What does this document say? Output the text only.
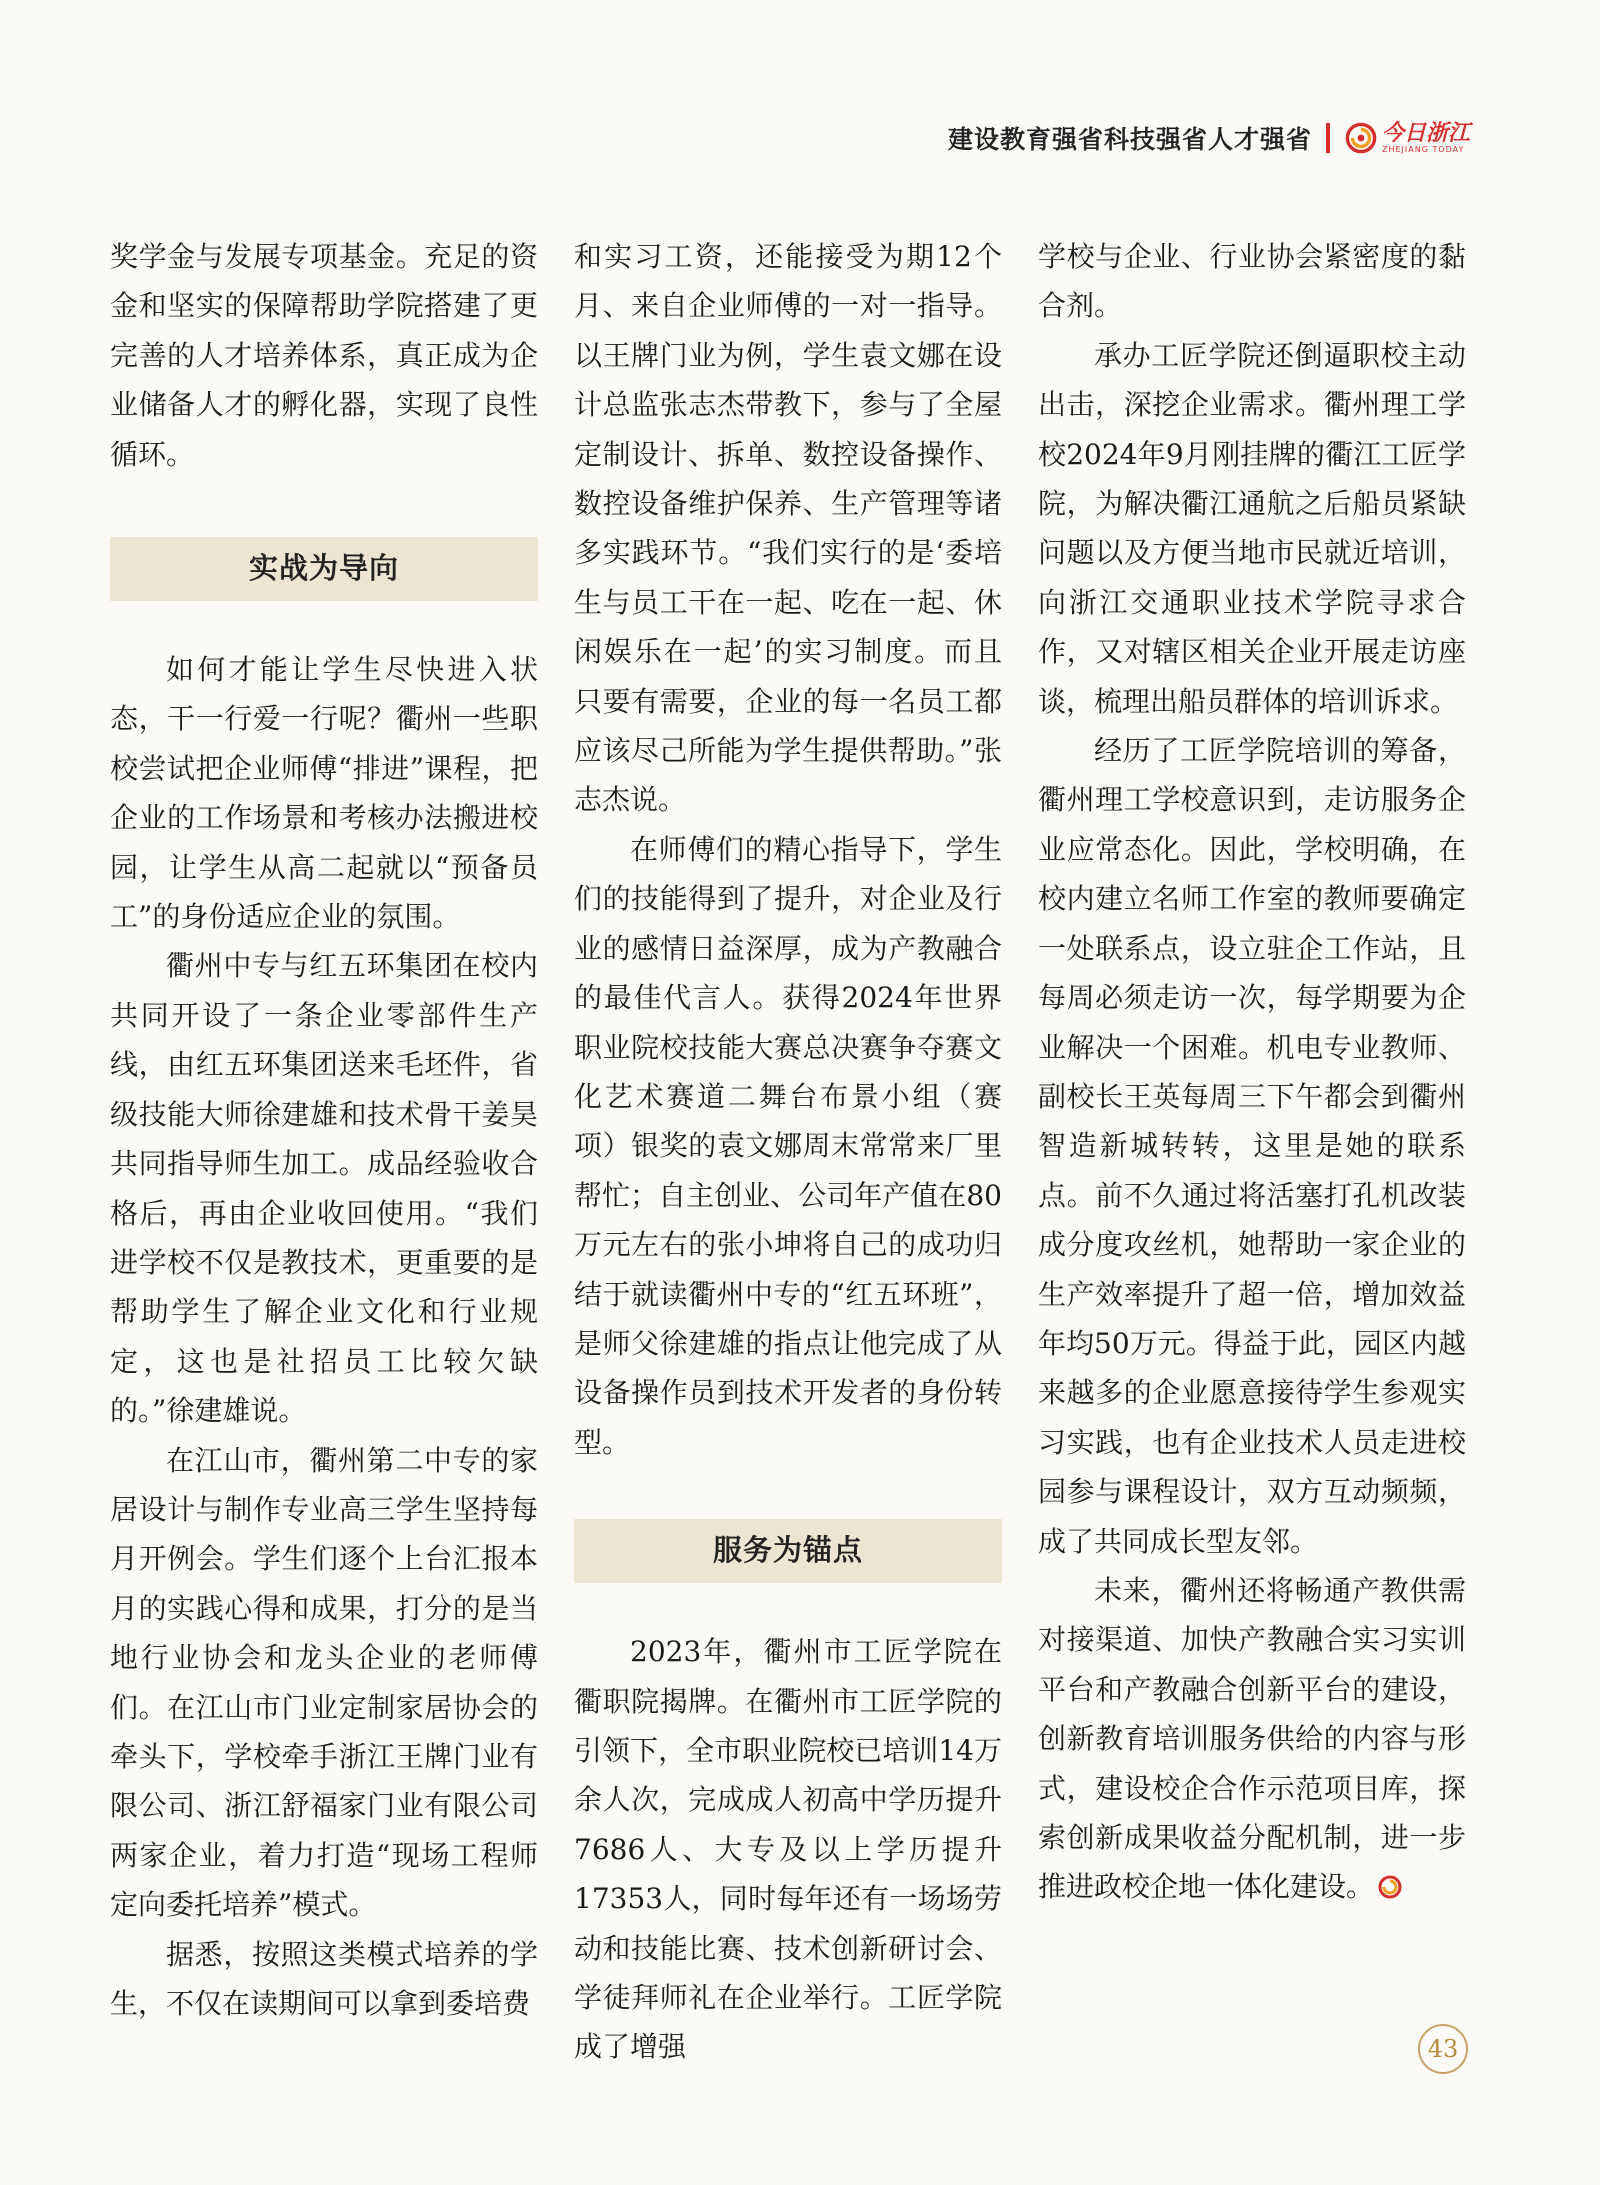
建设教育强省科技强省人才强省	今日浙江
ZHEJIANG TODAY

奖学金与发展专项基金。充足的资金和坚实的保障帮助学院搭建了更完善的人才培养体系，真正成为企业储备人才的孵化器，实现了良性循环。

实战为导向

如何才能让学生尽快进入状态，干一行爱一行呢？衢州一些职校尝试把企业师傅“排进”课程，把企业的工作场景和考核办法搬进校园，让学生从高二起就以“预备员工”的身份适应企业的氛围。

衢州中专与红五环集团在校内共同开设了一条企业零部件生产线，由红五环集团送来毛坯件，省级技能大师徐建雄和技术骨干姜昊共同指导师生加工。成品经验收合格后，再由企业收回使用。“我们进学校不仅是教技术，更重要的是帮助学生了解企业文化和行业规定，这也是社招员工比较欠缺的。”徐建雄说。

在江山市，衢州第二中专的家居设计与制作专业高三学生坚持每月开例会。学生们逐个上台汇报本月的实践心得和成果，打分的是当地行业协会和龙头企业的老师傅们。在江山市门业定制家居协会的牵头下，学校牵手浙江王牌门业有限公司、浙江舒福家门业有限公司两家企业，着力打造“现场工程师定向委托培养”模式。

据悉，按照这类模式培养的学生，不仅在读期间可以拿到委培费

和实习工资，还能接受为期12个月、来自企业师傅的一对一指导。以王牌门业为例，学生袁文娜在设计总监张志杰带教下，参与了全屋定制设计、拆单、数控设备操作、数控设备维护保养、生产管理等诸多实践环节。“我们实行的是‘委培生与员工干在一起、吃在一起、休闲娱乐在一起’的实习制度。而且只要有需要，企业的每一名员工都应该尽己所能为学生提供帮助。”张志杰说。

在师傅们的精心指导下，学生们的技能得到了提升，对企业及行业的感情日益深厚，成为产教融合的最佳代言人。获得2024年世界职业院校技能大赛总决赛争夺赛文化艺术赛道二舞台布景小组（赛项）银奖的袁文娜周末常常来厂里帮忙；自主创业、公司年产值在80万元左右的张小坤将自己的成功归结于就读衢州中专的“红五环班”，是师父徐建雄的指点让他完成了从设备操作员到技术开发者的身份转型。

服务为锚点

2023年，衢州市工匠学院在衢职院揭牌。在衢州市工匠学院的引领下，全市职业院校已培训14万余人次，完成成人初高中学历提升7686人、大专及以上学历提升17353人，同时每年还有一场场劳动和技能比赛、技术创新研讨会、学徒拜师礼在企业举行。工匠学院成了增强

学校与企业、行业协会紧密度的黏合剂。

承办工匠学院还倒逼职校主动出击，深挖企业需求。衢州理工学校2024年9月刚挂牌的衢江工匠学院，为解决衢江通航之后船员紧缺问题以及方便当地市民就近培训，向浙江交通职业技术学院寻求合作，又对辖区相关企业开展走访座谈，梳理出船员群体的培训诉求。

经历了工匠学院培训的筹备，衢州理工学校意识到，走访服务企业应常态化。因此，学校明确，在校内建立名师工作室的教师要确定一处联系点，设立驻企工作站，且每周必须走访一次，每学期要为企业解决一个困难。机电专业教师、副校长王英每周三下午都会到衢州智造新城转转，这里是她的联系点。前不久通过将活塞打孔机改装成分度攻丝机，她帮助一家企业的生产效率提升了超一倍，增加效益年均50万元。得益于此，园区内越来越多的企业愿意接待学生参观实习实践，也有企业技术人员走进校园参与课程设计，双方互动频频，成了共同成长型友邻。

未来，衢州还将畅通产教供需对接渠道、加快产教融合实习实训平台和产教融合创新平台的建设，创新教育培训服务供给的内容与形式，建设校企合作示范项目库，探索创新成果收益分配机制，进一步推进政校企地一体化建设。

43
